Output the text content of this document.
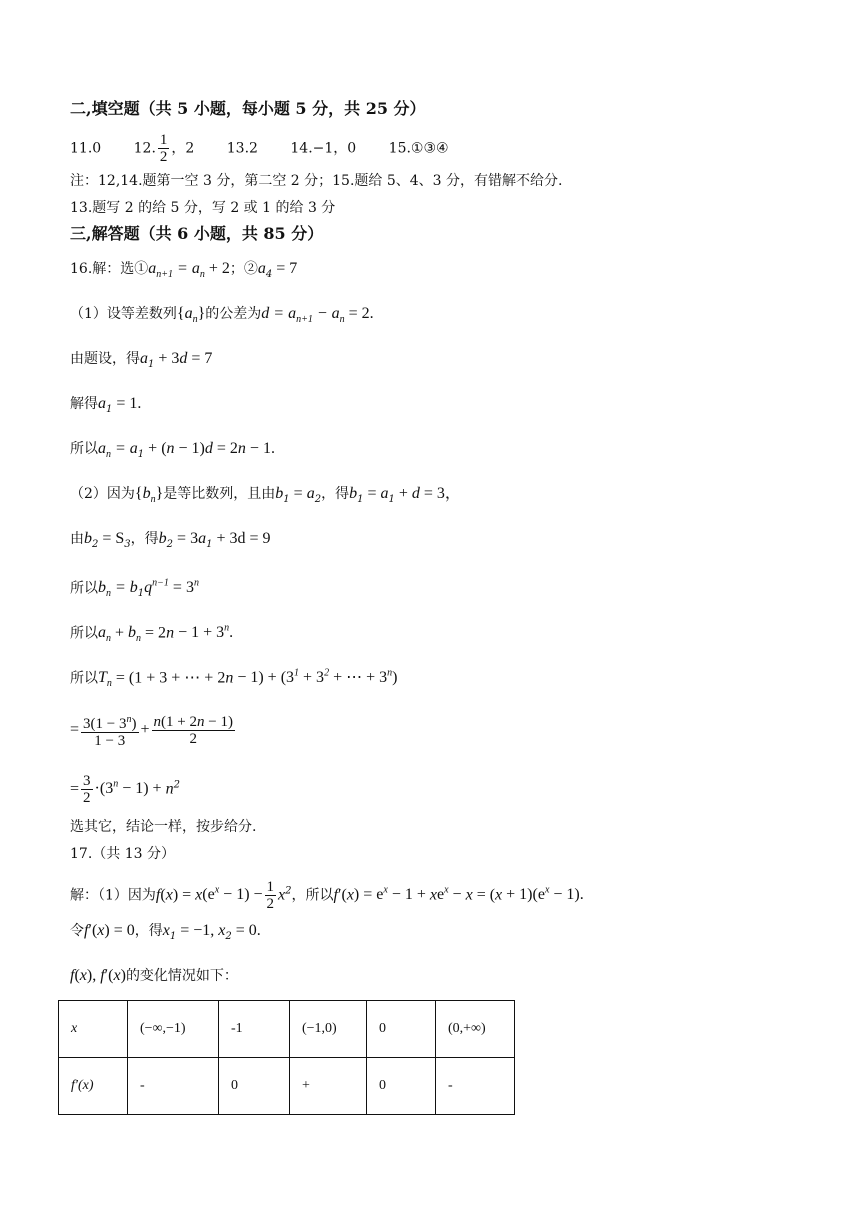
二,填空题（共 5 小题，每小题 5 分，共 25 分）
11.0 12. $\frac{1}{2}$ ，2 13.2 14.−1，0 15.①③④
注：12,14.题第一空 3 分，第二空 2 分；15.题给 5、4、3 分，有错解不给分.
13.题写 2 的给 5 分，写 2 或 1 的给 3 分
三,解答题（共 6 小题，共 85 分）
16.解：选$①a_{n+1} = a_n + 2$；$②a_4 = 7$
（1）设等差数列$\{a_n\}$的公差为$d = a_{n+1} - a_n = 2$.
由题设，得$a_1 + 3d = 7$
解得$a_1 = 1$.
所以$a_n = a_1 + (n - 1)d = 2n - 1$.
（2）因为$\{b_n\}$是等比数列，且由$b_1 = a_2$，得$b_1 = a_1 + d = 3$，
由$b_2 = S_3$，得$b_2 = 3a_1 + 3d = 9$
所以$b_n = b_1q^{n-1} = 3^n$
所以$a_n + b_n = 2n - 1 + 3^n$.
所以$T_n = (1 + 3$ + ⋯ + $2n - 1) + (3^1 + 3^2$ + ⋯ + $3^n$)
= $\frac{3(1 - 3^n)}{1 - 3} + \frac{n(1 + 2n - 1)}{2}$
= $\frac{3}{2} \cdot(3^n - 1) + n^2$
选其它，结论一样，按步给分.
17.（共 13 分）
解：（1）因为$f(x) = x(e^x - 1) - \frac{1}{2} x^2$，所以$f'(x) = e^x - 1 + xe^x - x = (x + 1)(e^x - 1)$.
令f′(x) = 0，得$x_1 = -1$, $x_2 = 0$.
f(x), f′(x)的变化情况如下：
x	(−∞,−1)	-1	(−1,0)	0	(0,+∞)
f′(x)	-	0	+	0	-
